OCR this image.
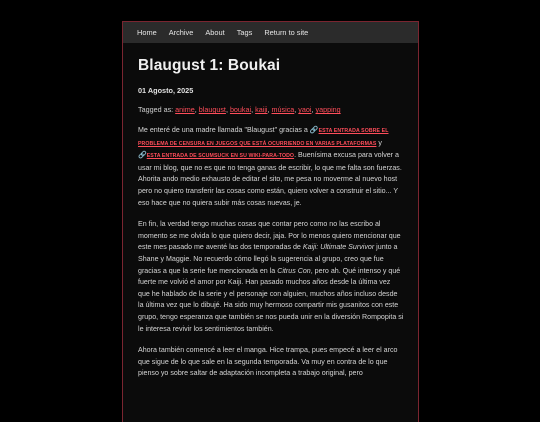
Home Archive About Tags Return to site
Blaugust 1: Boukai
01 Agosto, 2025
Tagged as: anime, blaugust, boukai, kaiji, música, yaoi, yapping

Me enteré de una madre llamada "Blaugust" gracias a 🔗ESTA ENTRADA SOBRE EL PROBLEMA DE CENSURA EN JUEGOS QUE ESTÁ OCURRIENDO EN VARIAS PLATAFORMAS y 🔗ESTA ENTRADA DE SCUMSUCK EN SU WIKI-PARA-TODO. Buenísima excusa para volver a usar mi blog, que no es que no tenga ganas de escribir, lo que me falta son fuerzas. Ahorita ando medio exhausto de editar el sito, me pesa no moverme al nuevo host pero no quiero transferir las cosas como están, quiero volver a construir el sitio... Y eso hace que no quiera subir más cosas nuevas, je.

En fin, la verdad tengo muchas cosas que contar pero como no las escribo al momento se me olvida lo que quiero decir, jaja. Por lo menos quiero mencionar que este mes pasado me aventé las dos temporadas de Kaiji: Ultimate Survivor junto a Shane y Maggie. No recuerdo cómo llegó la sugerencia al grupo, creo que fue gracias a que la serie fue mencionada en la Citrus Con, pero ah. Qué intenso y qué fuerte me volvió el amor por Kaiji. Han pasado muchos años desde la última vez que he hablado de la serie y el personaje con alguien, muchos años incluso desde la última vez que lo dibujé. Ha sido muy hermoso compartir mis gusanitos con este grupo, tengo esperanza que también se nos pueda unir en la diversión Rompopita si le interesa revivir los sentimientos también.

Ahora también comencé a leer el manga. Hice trampa, pues empecé a leer el arco que sigue de lo que sale en la segunda temporada. Va muy en contra de lo que pienso yo sobre saltar de adaptación incompleta a trabajo original, pero
